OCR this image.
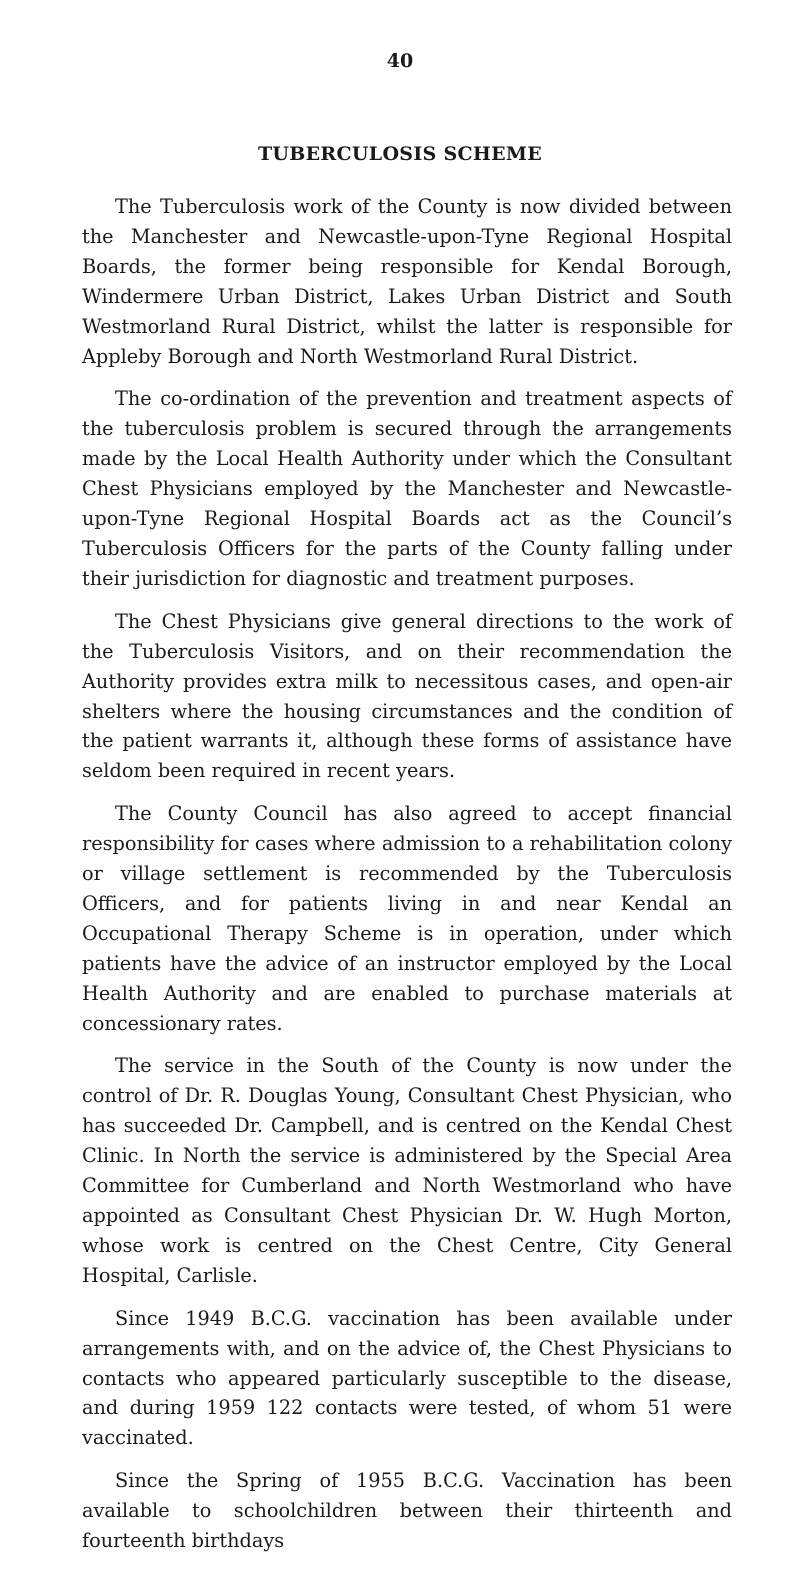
40
TUBERCULOSIS SCHEME

The Tuberculosis work of the County is now divided between the Manchester and Newcastle-upon-Tyne Regional Hospital Boards, the former being responsible for Kendal Borough, Windermere Urban District, Lakes Urban District and South Westmorland Rural District, whilst the latter is responsible for Appleby Borough and North Westmorland Rural District.

The co-ordination of the prevention and treatment aspects of the tuberculosis problem is secured through the arrangements made by the Local Health Authority under which the Consultant Chest Physicians employed by the Manchester and Newcastle-upon-Tyne Regional Hospital Boards act as the Council’s Tuberculosis Officers for the parts of the County falling under their jurisdiction for diagnostic and treatment purposes.

The Chest Physicians give general directions to the work of the Tuberculosis Visitors, and on their recommendation the Authority provides extra milk to necessitous cases, and open-air shelters where the housing circumstances and the condition of the patient warrants it, although these forms of assistance have seldom been required in recent years.

The County Council has also agreed to accept financial responsibility for cases where admission to a rehabilitation colony or village settlement is recommended by the Tuberculosis Officers, and for patients living in and near Kendal an Occupational Therapy Scheme is in operation, under which patients have the advice of an instructor employed by the Local Health Authority and are enabled to purchase materials at concessionary rates.

The service in the South of the County is now under the control of Dr. R. Douglas Young, Consultant Chest Physician, who has succeeded Dr. Campbell, and is centred on the Kendal Chest Clinic. In North the service is administered by the Special Area Committee for Cumberland and North Westmorland who have appointed as Consultant Chest Physician Dr. W. Hugh Morton, whose work is centred on the Chest Centre, City General Hospital, Carlisle.

Since 1949 B.C.G. vaccination has been available under arrangements with, and on the advice of, the Chest Physicians to contacts who appeared particularly susceptible to the disease, and during 1959 122 contacts were tested, of whom 51 were vaccinated.

Since the Spring of 1955 B.C.G. Vaccination has been available to schoolchildren between their thirteenth and fourteenth birthdays
